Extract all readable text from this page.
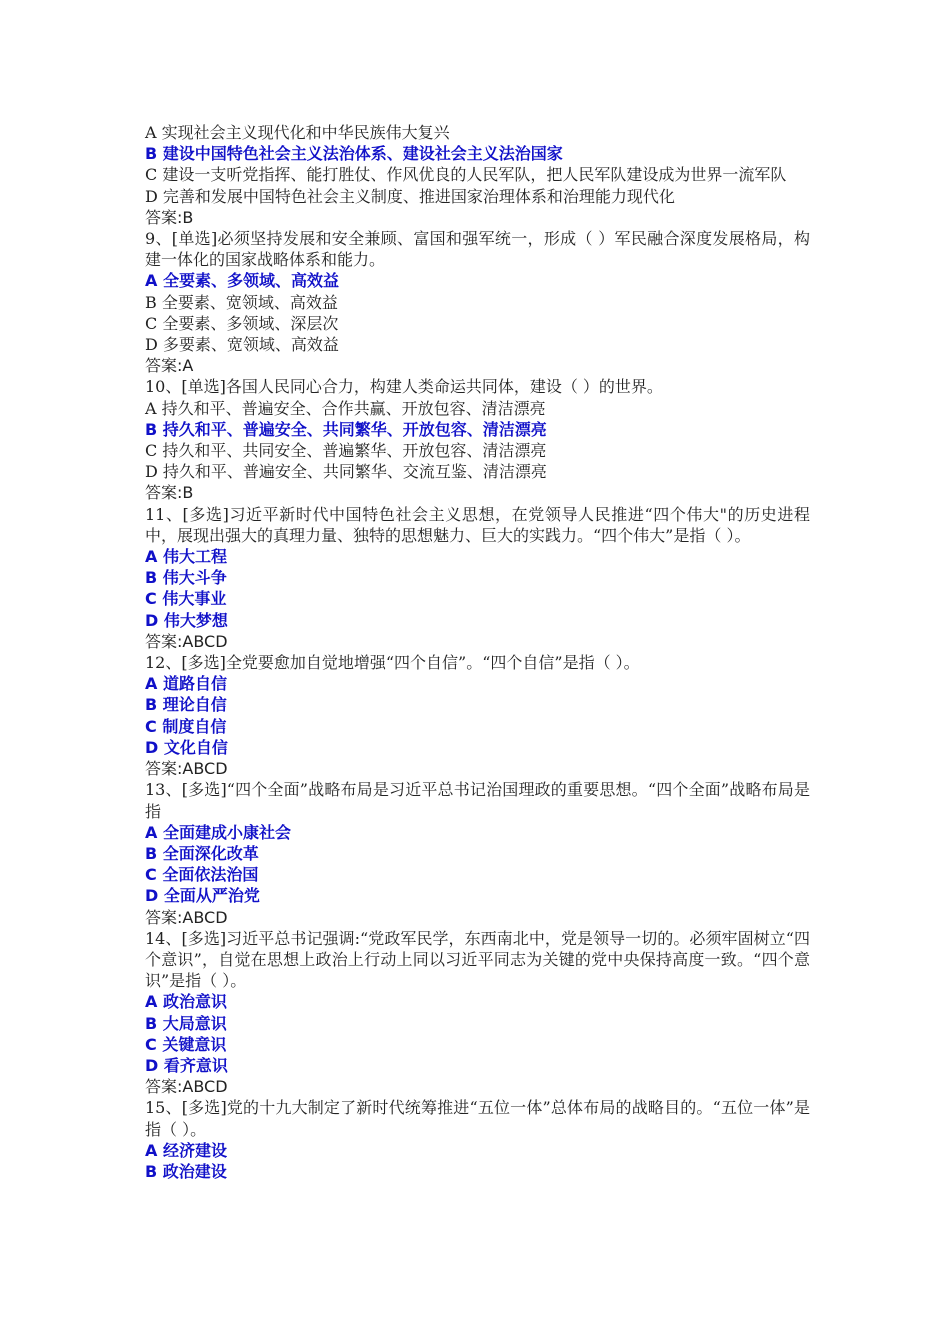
A 实现社会主义现代化和中华民族伟大复兴
B 建设中国特色社会主义法治体系、建设社会主义法治国家
C 建设一支听党指挥、能打胜仗、作风优良的人民军队，把人民军队建设成为世界一流军队
D 完善和发展中国特色社会主义制度、推进国家治理体系和治理能力现代化
答案:B
9、[单选]必须坚持发展和安全兼顾、富国和强军统一，形成（ ）军民融合深度发展格局，构建一体化的国家战略体系和能力。
A 全要素、多领域、高效益
B 全要素、宽领域、高效益
C 全要素、多领域、深层次
D 多要素、宽领域、高效益
答案:A
10、[单选]各国人民同心合力，构建人类命运共同体，建设（ ）的世界。
A 持久和平、普遍安全、合作共赢、开放包容、清洁漂亮
B 持久和平、普遍安全、共同繁华、开放包容、清洁漂亮
C 持久和平、共同安全、普遍繁华、开放包容、清洁漂亮
D 持久和平、普遍安全、共同繁华、交流互鉴、清洁漂亮
答案:B
11、[多选]习近平新时代中国特色社会主义思想，在党领导人民推进“四个伟大"的历史进程中，展现出强大的真理力量、独特的思想魅力、巨大的实践力。“四个伟大”是指（ ）。
A 伟大工程
B 伟大斗争
C 伟大事业
D 伟大梦想
答案:ABCD
12、[多选]全党要愈加自觉地增强“四个自信”。“四个自信”是指（ ）。
A 道路自信
B 理论自信
C 制度自信
D 文化自信
答案:ABCD
13、[多选]“四个全面”战略布局是习近平总书记治国理政的重要思想。“四个全面”战略布局是指
A 全面建成小康社会
B 全面深化改革
C 全面依法治国
D 全面从严治党
答案:ABCD
14、[多选]习近平总书记强调:“党政军民学，东西南北中，党是领导一切的。必须牢固树立“四个意识”，自觉在思想上政治上行动上同以习近平同志为关键的党中央保持高度一致。“四个意识”是指（ ）。
A 政治意识
B 大局意识
C 关键意识
D 看齐意识
答案:ABCD
15、[多选]党的十九大制定了新时代统筹推进“五位一体”总体布局的战略目的。“五位一体”是指（ ）。
A 经济建设
B 政治建设
